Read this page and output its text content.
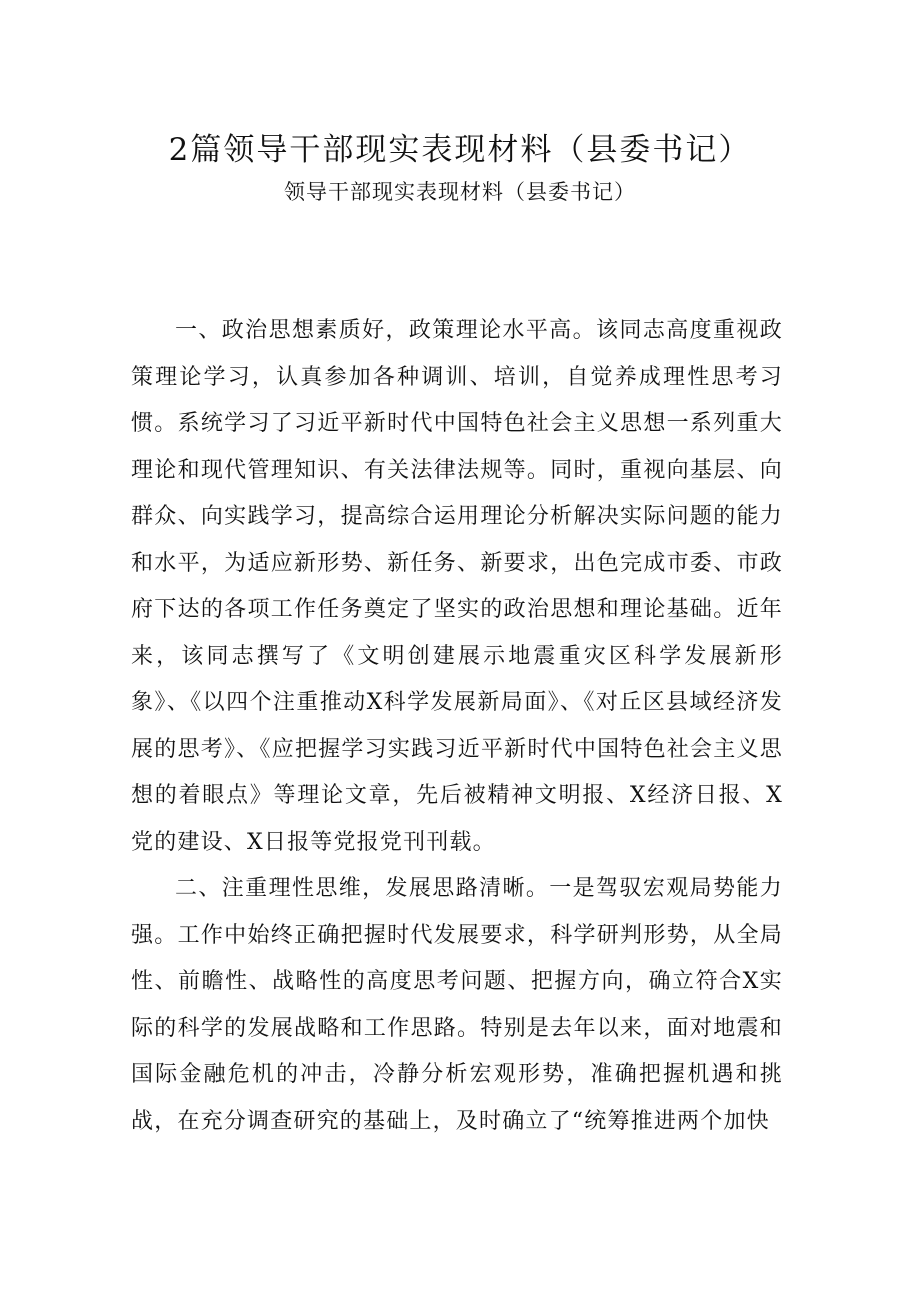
2篇领导干部现实表现材料（县委书记）
领导干部现实表现材料（县委书记）

一、政治思想素质好，政策理论水平高。该同志高度重视政策理论学习，认真参加各种调训、培训，自觉养成理性思考习惯。系统学习了习近平新时代中国特色社会主义思想一系列重大理论和现代管理知识、有关法律法规等。同时，重视向基层、向群众、向实践学习，提高综合运用理论分析解决实际问题的能力和水平，为适应新形势、新任务、新要求，出色完成市委、市政府下达的各项工作任务奠定了坚实的政治思想和理论基础。近年来，该同志撰写了《文明创建展示地震重灾区科学发展新形象》、《以四个注重推动X科学发展新局面》、《对丘区县域经济发展的思考》、《应把握学习实践习近平新时代中国特色社会主义思想的着眼点》等理论文章，先后被精神文明报、X经济日报、X党的建设、X日报等党报党刊刊载。

二、注重理性思维，发展思路清晰。一是驾驭宏观局势能力强。工作中始终正确把握时代发展要求，科学研判形势，从全局性、前瞻性、战略性的高度思考问题、把握方向，确立符合X实际的科学的发展战略和工作思路。特别是去年以来，面对地震和国际金融危机的冲击，冷静分析宏观形势，准确把握机遇和挑战，在充分调查研究的基础上，及时确立了“统筹推进两个加快
